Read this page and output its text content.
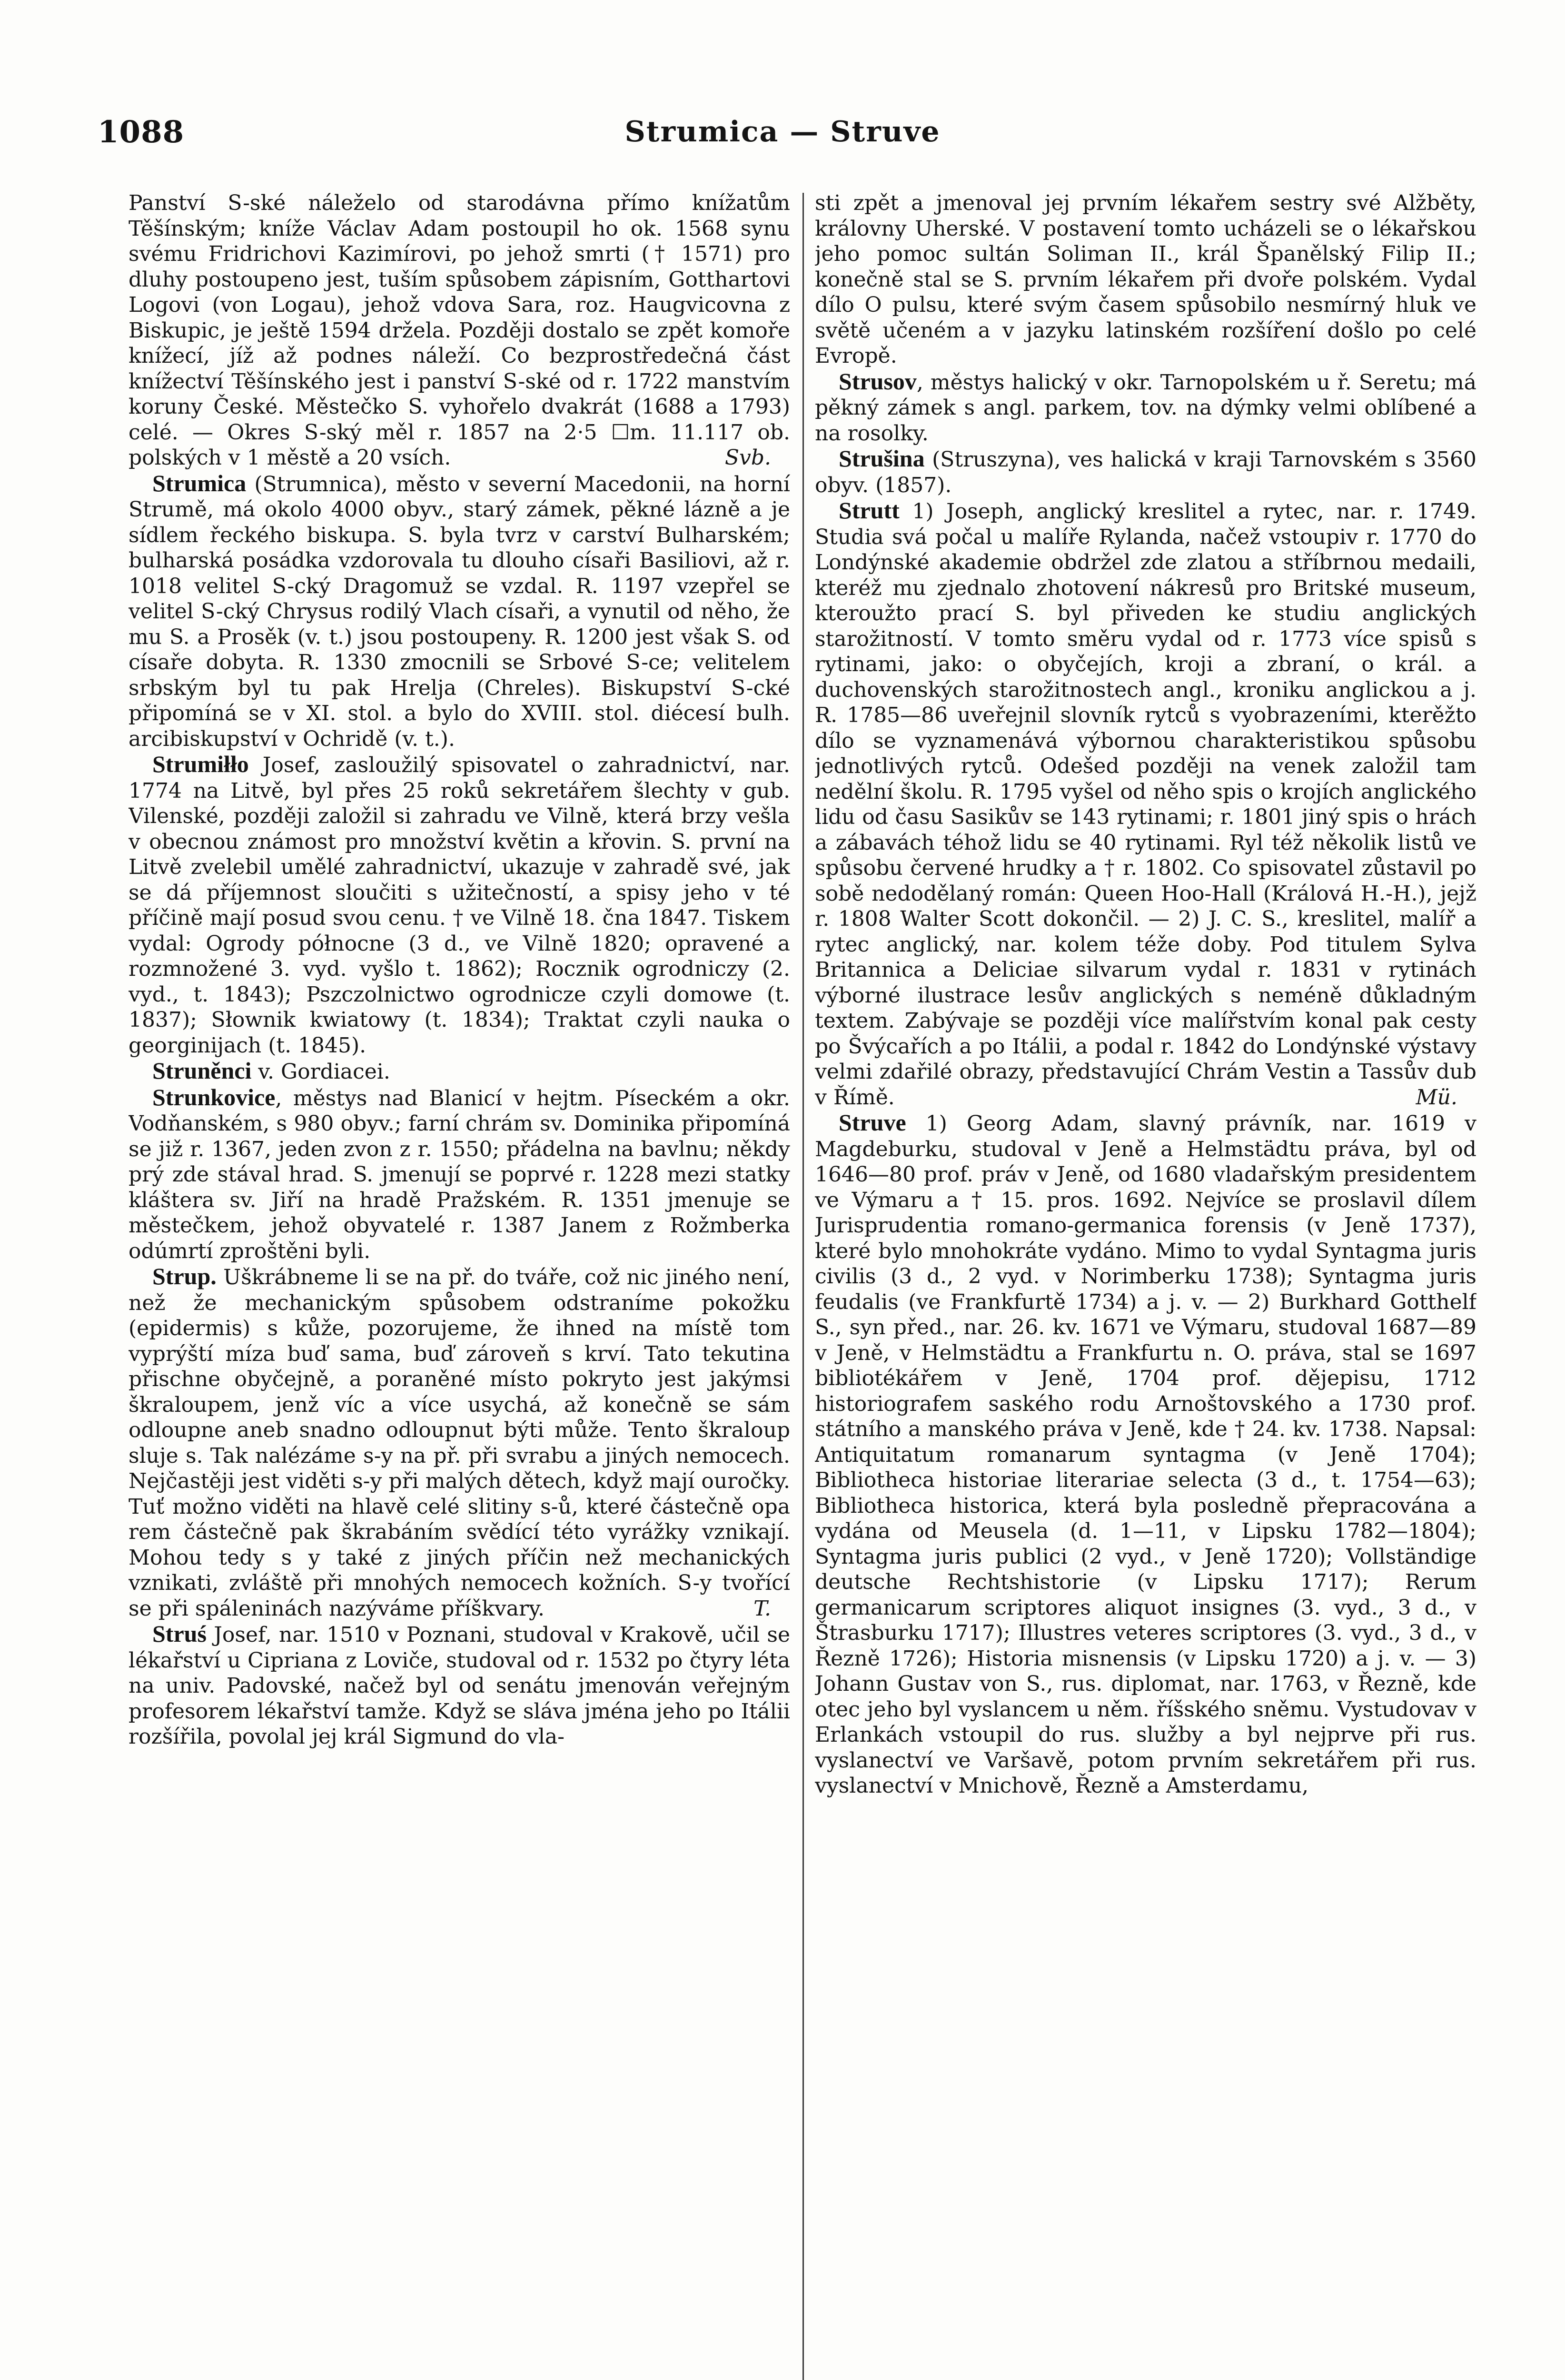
1088	Strumica — Struve

Panství S-ské náleželo od starodávna přímo knížatům Těšínským; kníže Václav Adam postoupil ho ok. 1568 synu svému Fridrichovi Kazimírovi, po jehož smrti († 1571) pro dluhy postoupeno jest, tuším spůsobem zápisním, Gotthartovi Logovi (von Logau), jehož vdova Sara, roz. Haugvicovna z Biskupic, je ještě 1594 držela. Později dostalo se zpět komoře knížecí, jíž až podnes náleží. Co bezprostředečná část knížectví Těšínského jest i panství S-ské od r. 1722 manstvím koruny České. Městečko S. vyhořelo dvakrát (1688 a 1793) celé. — Okres S-ský měl r. 1857 na 2·5 ☐m. 11.117 ob. polských v 1 městě a 20 vsích.	Svb.

Strumica (Strumnica), město v severní Macedonii, na horní Strumě, má okolo 4000 obyv., starý zámek, pěkné lázně a je sídlem řeckého biskupa. S. byla tvrz v carství Bulharském; bulharská posádka vzdorovala tu dlouho císaři Basiliovi, až r. 1018 velitel S-cký Dragomuž se vzdal. R. 1197 vzepřel se velitel S-cký Chrysus rodilý Vlach císaři, a vynutil od něho, že mu S. a Prosěk (v. t.) jsou postoupeny. R. 1200 jest však S. od císaře dobyta. R. 1330 zmocnili se Srbové S-ce; velitelem srbským byl tu pak Hrelja (Chreles). Biskupství S-cké připomíná se v XI. stol. a bylo do XVIII. stol. diécesí bulh. arcibiskupství v Ochridě (v. t.).

Strumiłło Josef, zasloužilý spisovatel o zahradnictví, nar. 1774 na Litvě, byl přes 25 roků sekretářem šlechty v gub. Vilenské, později založil si zahradu ve Vilně, která brzy vešla v obecnou známost pro množství květin a křovin. S. první na Litvě zvelebil umělé zahradnictví, ukazuje v zahradě své, jak se dá příjemnost sloučiti s užitečností, a spisy jeho v té příčině mají posud svou cenu. † ve Vilně 18. čna 1847. Tiskem vydal: Ogrody północne (3 d., ve Vilně 1820; opravené a rozmnožené 3. vyd. vyšlo t. 1862); Rocznik ogrodniczy (2. vyd., t. 1843); Pszczolnictwo ogrodnicze czyli domowe (t. 1837); Słownik kwiatowy (t. 1834); Traktat czyli nauka o georginijach (t. 1845).

Struněnci v. Gordiacei.

Strunkovice, městys nad Blanicí v hejtm. Píseckém a okr. Vodňanském, s 980 obyv.; farní chrám sv. Dominika připomíná se již r. 1367, jeden zvon z r. 1550; přádelna na bavlnu; někdy prý zde stával hrad. S. jmenují se poprvé r. 1228 mezi statky kláštera sv. Jiří na hradě Pražském. R. 1351 jmenuje se městečkem, jehož obyvatelé r. 1387 Janem z Rožmberka odúmrtí zproštěni byli.

Strup. Uškrábneme li se na př. do tváře, což nic jiného není, než že mechanickým spůsobem odstraníme pokožku (epidermis) s kůže, pozorujeme, že ihned na místě tom vyprýští míza buď sama, buď zároveň s krví. Tato tekutina přischne obyčejně, a poraněné místo pokryto jest jakýmsi škraloupem, jenž víc a více usychá, až konečně se sám odloupne aneb snadno odloupnut býti může. Tento škraloup sluje s. Tak nalézáme s-y na př. při svrabu a jiných nemocech. Nejčastěji jest viděti s-y při malých dětech, když mají ouročky. Tuť možno viděti na hlavě celé slitiny s-ů, které částečně opa rem částečně pak škrabáním svědící této vyrážky vznikají. Mohou tedy s y také z jiných příčin než mechanických vznikati, zvláště při mnohých nemocech kožních. S-y tvořící se při spáleninách nazýváme příškvary.	T.

Struś Josef, nar. 1510 v Poznani, studoval v Krakově, učil se lékařství u Cipriana z Loviče, studoval od r. 1532 po čtyry léta na univ. Padovské, načež byl od senátu jmenován veřejným profesorem lékařství tamže. Když se sláva jména jeho po Itálii rozšířila, povolal jej král Sigmund do vla-

sti zpět a jmenoval jej prvním lékařem sestry své Alžběty, královny Uherské. V postavení tomto ucházeli se o lékařskou jeho pomoc sultán Soliman II., král Španělský Filip II.; konečně stal se S. prvním lékařem při dvoře polském. Vydal dílo O pulsu, které svým časem spůsobilo nesmírný hluk ve světě učeném a v jazyku latinském rozšíření došlo po celé Evropě.

Strusov, městys halický v okr. Tarnopolském u ř. Seretu; má pěkný zámek s angl. parkem, tov. na dýmky velmi oblíbené a na rosolky.

Strušina (Struszyna), ves halická v kraji Tarnovském s 3560 obyv. (1857).

Strutt 1) Joseph, anglický kreslitel a rytec, nar. r. 1749. Studia svá počal u malíře Rylanda, načež vstoupiv r. 1770 do Londýnské akademie obdržel zde zlatou a stříbrnou medaili, kteréž mu zjednalo zhotovení nákresů pro Britské museum, kteroužto prací S. byl přiveden ke studiu anglických starožitností. V tomto směru vydal od r. 1773 více spisů s rytinami, jako: o obyčejích, kroji a zbraní, o král. a duchovenských starožitnostech angl., kroniku anglickou a j. R. 1785—86 uveřejnil slovník rytců s vyobrazeními, kterěžto dílo se vyznamenává výbornou charakteristikou spůsobu jednotlivých rytců. Odešed později na venek založil tam nedělní školu. R. 1795 vyšel od něho spis o krojích anglického lidu od času Sasikův se 143 rytinami; r. 1801 jiný spis o hrách a zábavách téhož lidu se 40 rytinami. Ryl též několik listů ve spůsobu červené hrudky a † r. 1802. Co spisovatel zůstavil po sobě nedodělaný román: Queen Hoo-Hall (Králová H.-H.), jejž r. 1808 Walter Scott dokončil. — 2) J. C. S., kreslitel, malíř a rytec anglický, nar. kolem téže doby. Pod titulem Sylva Britannica a Deliciae silvarum vydal r. 1831 v rytinách výborné ilustrace lesův anglických s neméně důkladným textem. Zabývaje se později více malířstvím konal pak cesty po Švýcařích a po Itálii, a podal r. 1842 do Londýnské výstavy velmi zdařilé obrazy, představující Chrám Vestin a Tassův dub v Římě.	Mü.

Struve 1) Georg Adam, slavný právník, nar. 1619 v Magdeburku, studoval v Jeně a Helmstädtu práva, byl od 1646—80 prof. práv v Jeně, od 1680 vladařským presidentem ve Výmaru a † 15. pros. 1692. Nejvíce se proslavil dílem Jurisprudentia romano-germanica forensis (v Jeně 1737), které bylo mnohokráte vydáno. Mimo to vydal Syntagma juris civilis (3 d., 2 vyd. v Norimberku 1738); Syntagma juris feudalis (ve Frankfurtě 1734) a j. v. — 2) Burkhard Gotthelf S., syn před., nar. 26. kv. 1671 ve Výmaru, studoval 1687—89 v Jeně, v Helmstädtu a Frankfurtu n. O. práva, stal se 1697 bibliotékářem v Jeně, 1704 prof. dějepisu, 1712 historiografem saského rodu Arnoštovského a 1730 prof. státního a manského práva v Jeně, kde † 24. kv. 1738. Napsal: Antiquitatum romanarum syntagma (v Jeně 1704); Bibliotheca historiae literariae selecta (3 d., t. 1754—63); Bibliotheca historica, která byla posledně přepracována a vydána od Meusela (d. 1—11, v Lipsku 1782—1804); Syntagma juris publici (2 vyd., v Jeně 1720); Vollständige deutsche Rechtshistorie (v Lipsku 1717); Rerum germanicarum scriptores aliquot insignes (3. vyd., 3 d., v Štrasburku 1717); Illustres veteres scriptores (3. vyd., 3 d., v Řezně 1726); Historia misnensis (v Lipsku 1720) a j. v. — 3) Johann Gustav von S., rus. diplomat, nar. 1763, v Řezně, kde otec jeho byl vyslancem u něm. říšského sněmu. Vystudovav v Erlankách vstoupil do rus. služby a byl nejprve při rus. vyslanectví ve Varšavě, potom prvním sekretářem při rus. vyslanectví v Mnichově, Řezně a Amsterdamu,
